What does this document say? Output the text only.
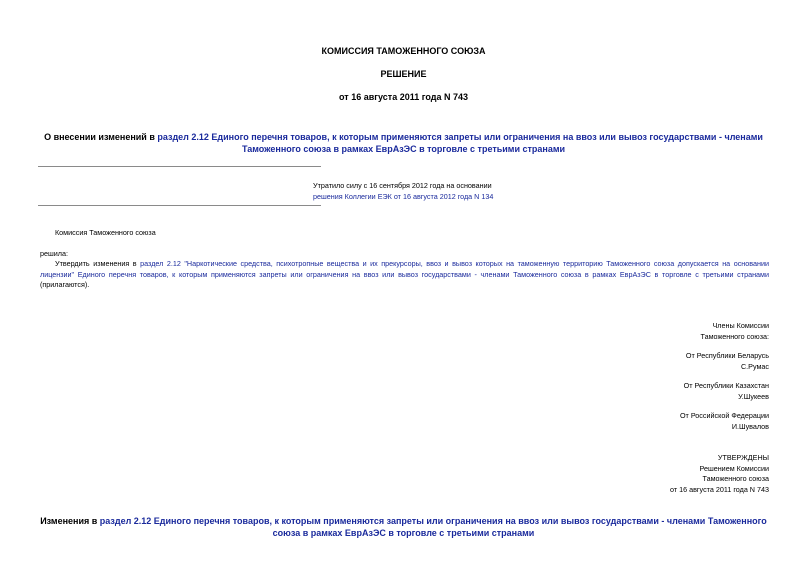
КОМИССИЯ ТАМОЖЕННОГО СОЮЗА
РЕШЕНИЕ
от 16 августа 2011 года N 743
О внесении изменений в раздел 2.12 Единого перечня товаров, к которым применяются запреты или ограничения на ввоз или вывоз государствами - членами
Таможенного союза в рамках ЕврАзЭС в торговле с третьими странами
Утратило силу с 16 сентября 2012 года на основании
решения Коллегии ЕЭК от 16 августа 2012 года N 134
Комиссия Таможенного союза
решила:
Утвердить изменения в раздел 2.12 "Наркотические средства, психотропные вещества и их прекурсоры, ввоз и вывоз которых на таможенную территорию Таможенного союза допускается на основании лицензии" Единого перечня товаров, к которым применяются запреты или ограничения на ввоз или вывоз государствами - членами Таможенного союза в рамках ЕврАзЭС в торговле с третьими странами (прилагаются).
Члены Комиссии
Таможенного союза:
От Республики Беларусь
С.Румас
От Республики Казахстан
У.Шукеев
От Российской Федерации
И.Шувалов
УТВЕРЖДЕНЫ
Решением Комиссии
Таможенного союза
от 16 августа 2011 года N 743
Изменения в раздел 2.12 Единого перечня товаров, к которым применяются запреты или ограничения на ввоз или вывоз государствами - членами Таможенного
союза в рамках ЕврАзЭС в торговле с третьими странами
